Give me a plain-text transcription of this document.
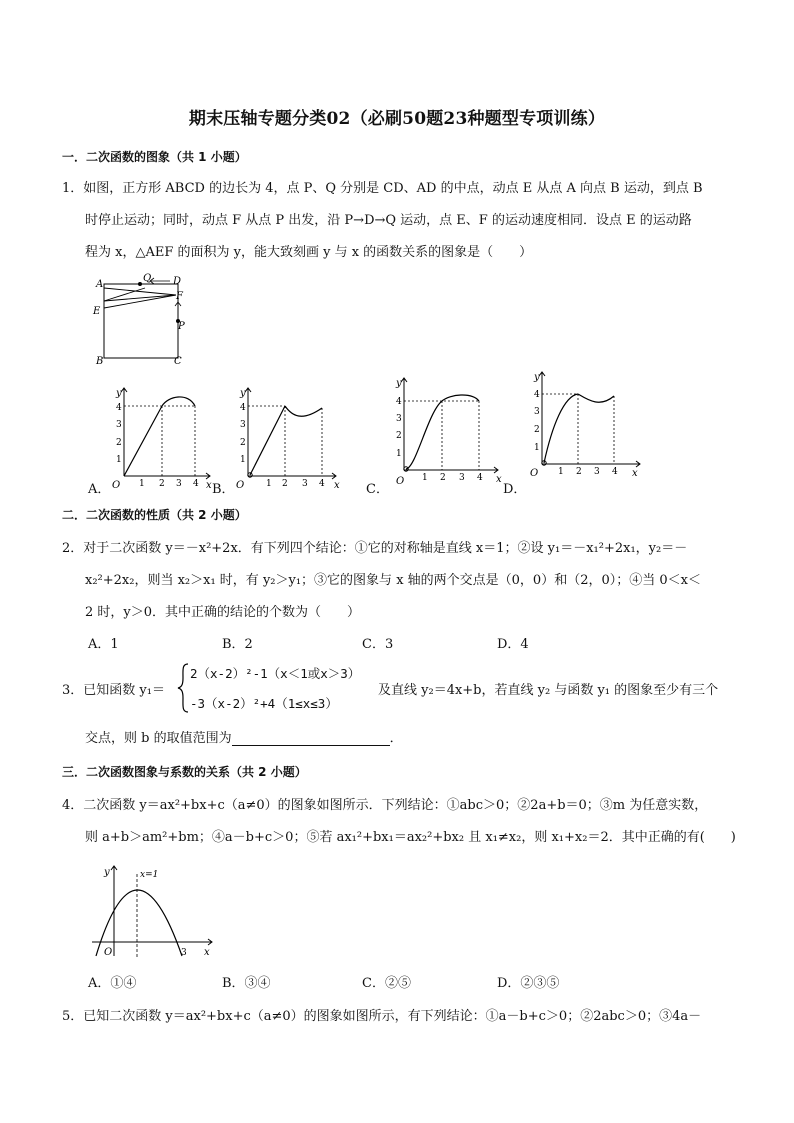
期末压轴专题分类02（必刷50题23种题型专项训练）
一．二次函数的图象（共 1 小题）
1．如图，正方形 ABCD 的边长为 4，点 P、Q 分别是 CD、AD 的中点，动点 E 从点 A 向点 B 运动，到点 B
时停止运动；同时，动点 F 从点 P 出发，沿 P→D→Q 运动，点 E、F 的运动速度相同．设点 E 的运动路
程为 x，△AEF 的面积为 y，能大致刻画 y 与 x 的函数关系的图象是（　　）
A
Q D
F
E
P
B	C
y
x
O 1 2 3 4
1
2
3
4
A．
y
x
O 1 2 3 4
1
2
3
4
B．
y
x
O 1 2 3 4
1
2
3
4
C．
y
x
O 1 2 3 4
1
2
3
4
D．
二．二次函数的性质（共 2 小题）
2．对于二次函数 y＝－x²+2x．有下列四个结论：①它的对称轴是直线 x＝1；②设 y₁＝－x₁²+2x₁，y₂＝－
x₂²+2x₂，则当 x₂＞x₁ 时，有 y₂＞y₁；③它的图象与 x 轴的两个交点是（0，0）和（2，0）；④当 0＜x＜
2 时，y＞0．其中正确的结论的个数为（　　）
A．1	B．2	C．3	D．4
3．已知函数 y₁＝
2（x-2）²-1（x＜1或x＞3）
-3（x-2）²+4（1≤x≤3）
及直线 y₂＝4x+b，若直线 y₂ 与函数 y₁ 的图象至少有三个
交点，则 b 的取值范围为	．
三．二次函数图象与系数的关系（共 2 小题）
4．二次函数 y＝ax²+bx+c（a≠0）的图象如图所示．下列结论：①abc＞0；②2a+b＝0；③m 为任意实数，
则 a+b＞am²+bm；④a－b+c＞0；⑤若 ax₁²+bx₁＝ax₂²+bx₂ 且 x₁≠x₂，则 x₁+x₂＝2．其中正确的有(　　)
y	x=1
O	3 x
A．①④	B．③④	C．②⑤	D．②③⑤
5．已知二次函数 y＝ax²+bx+c（a≠0）的图象如图所示，有下列结论：①a－b+c＞0；②2abc＞0；③4a－
